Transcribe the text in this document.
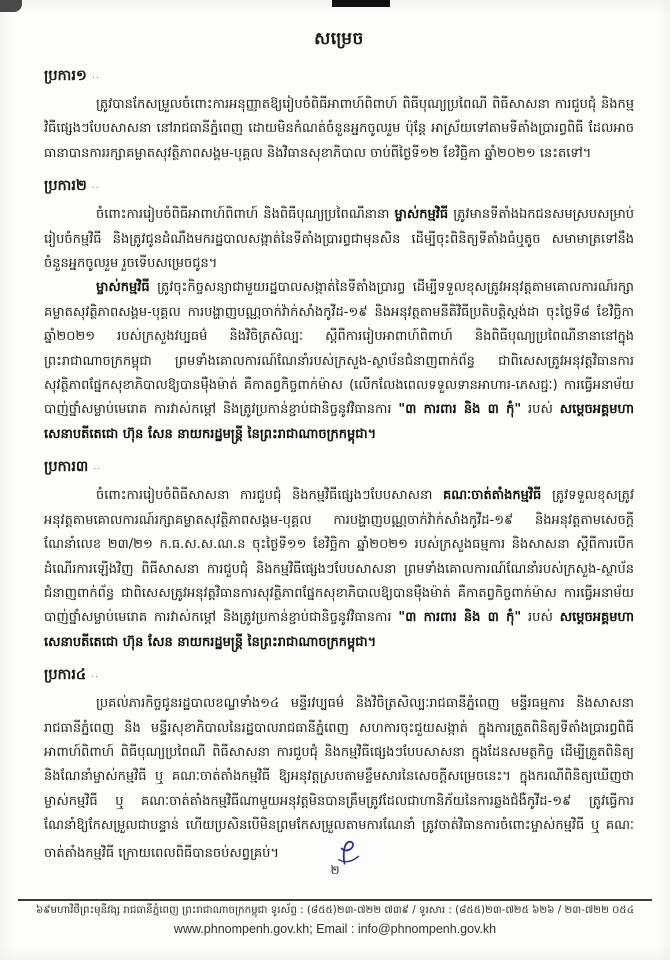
សម្រេច
ប្រការ១ ..

ត្រូវបានកែសម្រួលចំពោះការអនុញ្ញាតឱ្យរៀបចំពិធីអាពាហ៍ពិពាហ៍ ពិធីបុណ្យប្រពៃណី ពិធីសាសនា ការជួបជុំ និងកម្មវិធីផ្សេងៗបែបសាសនា នៅរាជធានីភ្នំពេញ ដោយមិនកំណត់ចំនួនអ្នកចូលរួម ប៉ុន្តែ អាស្រ័យទៅតាមទីតាំងប្រារព្ធពិធី ដែលអាចធានាបានការរក្សាគម្លាតសុវត្ថិភាពសង្គម-បុគ្គល និងវិធានសុខាភិបាល ចាប់ពីថ្ងៃទី១២ ខែវិច្ឆិកា ឆ្នាំ២០២១ នេះតទៅ។

ប្រការ២ ..

ចំពោះការរៀបចំពិធីអាពាហ៍ពិពាហ៍ និងពិធីបុណ្យប្រពៃណីនានា ម្ចាស់កម្មវិធី ត្រូវមានទីតាំងឯកជនសមស្របសម្រាប់រៀបចំកម្មវិធី និងត្រូវជូនដំណឹងមករដ្ឋបាលសង្កាត់នៃទីតាំងប្រារព្ធជាមុនសិន ដើម្បីចុះពិនិត្យទីតាំងធំឬតូច សមាមាត្រទៅនឹងចំនួនអ្នកចូលរួម រួចទើបសម្រេចជូន។

ម្ចាស់កម្មវិធី ត្រូវចុះកិច្ចសន្យាជាមួយរដ្ឋបាលសង្កាត់នៃទីតាំងប្រារព្ធ ដើម្បីទទួលខុសត្រូវអនុវត្តតាមគោលការណ៍រក្សាគម្លាតសុវត្ថិភាពសង្គម-បុគ្គល ការបង្ហាញបណ្ណចាក់វ៉ាក់សាំងកូវីដ-១៩ និងអនុវត្តតាមនីតិវិធីប្រតិបត្តិស្តង់ដា ចុះថ្ងៃទី៨ ខែវិច្ឆិកា ឆ្នាំ២០២១ របស់ក្រសួងវប្បធម៌ និងវិចិត្រសិល្បៈ ស្តីពីការរៀបអាពាហ៍ពិពាហ៍ និងពិធីបុណ្យប្រពៃណីនានានៅក្នុងព្រះរាជាណាចក្រកម្ពុជា ព្រមទាំងគោលការណ៍ណែនាំរបស់ក្រសួង-ស្ថាប័នជំនាញពាក់ព័ន្ធ ជាពិសេសត្រូវអនុវត្តវិធានការសុវត្ថិភាពផ្នែកសុខាភិបាលឱ្យបានម៉ឺងម៉ាត់ គឺកាតព្វកិច្ចពាក់ម៉ាស (លើកលែងពេលទទួលទានអាហារ-ភេសជ្ជៈ) ការធ្វើអនាម័យ បាញ់ថ្នាំសម្លាប់មេរោគ ការវាស់កម្តៅ និងត្រូវប្រកាន់ខ្ជាប់ជានិច្ចនូវវិធានការ "៣ ការពារ និង ៣ កុំ" របស់ សម្តេចអគ្គមហាសេនាបតីតេជោ ហ៊ុន សែន នាយករដ្ឋមន្ត្រី នៃព្រះរាជាណាចក្រកម្ពុជា។

ប្រការ៣ ..

ចំពោះការរៀបចំពិធីសាសនា ការជួបជុំ និងកម្មវិធីផ្សេងៗបែបសាសនា គណៈចាត់តាំងកម្មវិធី ត្រូវទទួលខុសត្រូវអនុវត្តតាមគោលការណ៍រក្សាគម្លាតសុវត្ថិភាពសង្គម-បុគ្គល ការបង្ហាញបណ្ណចាក់វ៉ាក់សាំងកូវីដ-១៩ និងអនុវត្តតាមសេចក្តីណែនាំលេខ ២៣/២១ ក.ធ.ស.ស.ណ.ន ចុះថ្ងៃទី១១ ខែវិច្ឆិកា ឆ្នាំ២០២១ របស់ក្រសួងធម្មការ និងសាសនា ស្តីពីការបើកដំណើរការឡើងវិញ ពិធីសាសនា ការជួបជុំ និងកម្មវិធីផ្សេងៗបែបសាសនា ព្រមទាំងគោលការណ៍ណែនាំរបស់ក្រសួង-ស្ថាប័នជំនាញពាក់ព័ន្ធ ជាពិសេសត្រូវអនុវត្តវិធានការសុវត្ថិភាពផ្នែកសុខាភិបាលឱ្យបានម៉ឺងម៉ាត់ គឺកាតព្វកិច្ចពាក់ម៉ាស ការធ្វើអនាម័យ បាញ់ថ្នាំសម្លាប់មេរោគ ការវាស់កម្តៅ និងត្រូវប្រកាន់ខ្ជាប់ជានិច្ចនូវវិធានការ "៣ ការពារ និង ៣ កុំ" របស់ សម្តេចអគ្គមហាសេនាបតីតេជោ ហ៊ុន សែន នាយករដ្ឋមន្ត្រី នៃព្រះរាជាណាចក្រកម្ពុជា។

ប្រការ៤ ..

ប្រគល់ភារកិច្ចជូនរដ្ឋបាលខណ្ឌទាំង១៤ មន្ទីរវប្បធម៌ និងវិចិត្រសិល្បៈរាជធានីភ្នំពេញ មន្ទីរធម្មការ និងសាសនារាជធានីភ្នំពេញ និង មន្ទីរសុខាភិបាលនៃរដ្ឋបាលរាជធានីភ្នំពេញ សហការចុះជួយសង្កាត់ ក្នុងការត្រួតពិនិត្យទីតាំងប្រារព្ធពិធីអាពាហ៍ពិពាហ៍ ពិធីបុណ្យប្រពៃណី ពិធីសាសនា ការជួបជុំ និងកម្មវិធីផ្សេងៗបែបសាសនា ក្នុងដែនសមត្ថកិច្ច ដើម្បីត្រួតពិនិត្យ និងណែនាំម្ចាស់កម្មវិធី ឬ គណៈចាត់តាំងកម្មវិធី ឱ្យអនុវត្តស្របតាមខ្លឹមសារនៃសេចក្តីសម្រេចនេះ។ ក្នុងករណីពិនិត្យឃើញថា ម្ចាស់កម្មវិធី ឬ គណៈចាត់តាំងកម្មវិធីណាមួយអនុវត្តមិនបានត្រឹមត្រូវដែលជាហានិភ័យនៃការឆ្លងជំងឺកូវីដ-១៩ ត្រូវធ្វើការណែនាំឱ្យកែសម្រួលជាបន្ទាន់ ហើយប្រសិនបើមិនព្រមកែសម្រួលតាមការណែនាំ ត្រូវចាត់វិធានការចំពោះម្ចាស់កម្មវិធី ឬ គណៈចាត់តាំងកម្មវិធី ក្រោយពេលពិធីបានចប់សព្វគ្រប់។

២
៦៩មហាវិថីព្រះមុនីវង្ស រាជធានីភ្នំពេញ ព្រះរាជាណាចក្រកម្ពុជា ទូរស័ព្ទ : (៨៥៥)២៣-៧២២ ៧៣៩ / ទូរសារ : (៨៥៥)២៣-៧២៥ ៦២៦ / ២៣-៧២២ ០៥៤
www.phnompenh.gov.kh; Email : info@phnompenh.gov.kh
